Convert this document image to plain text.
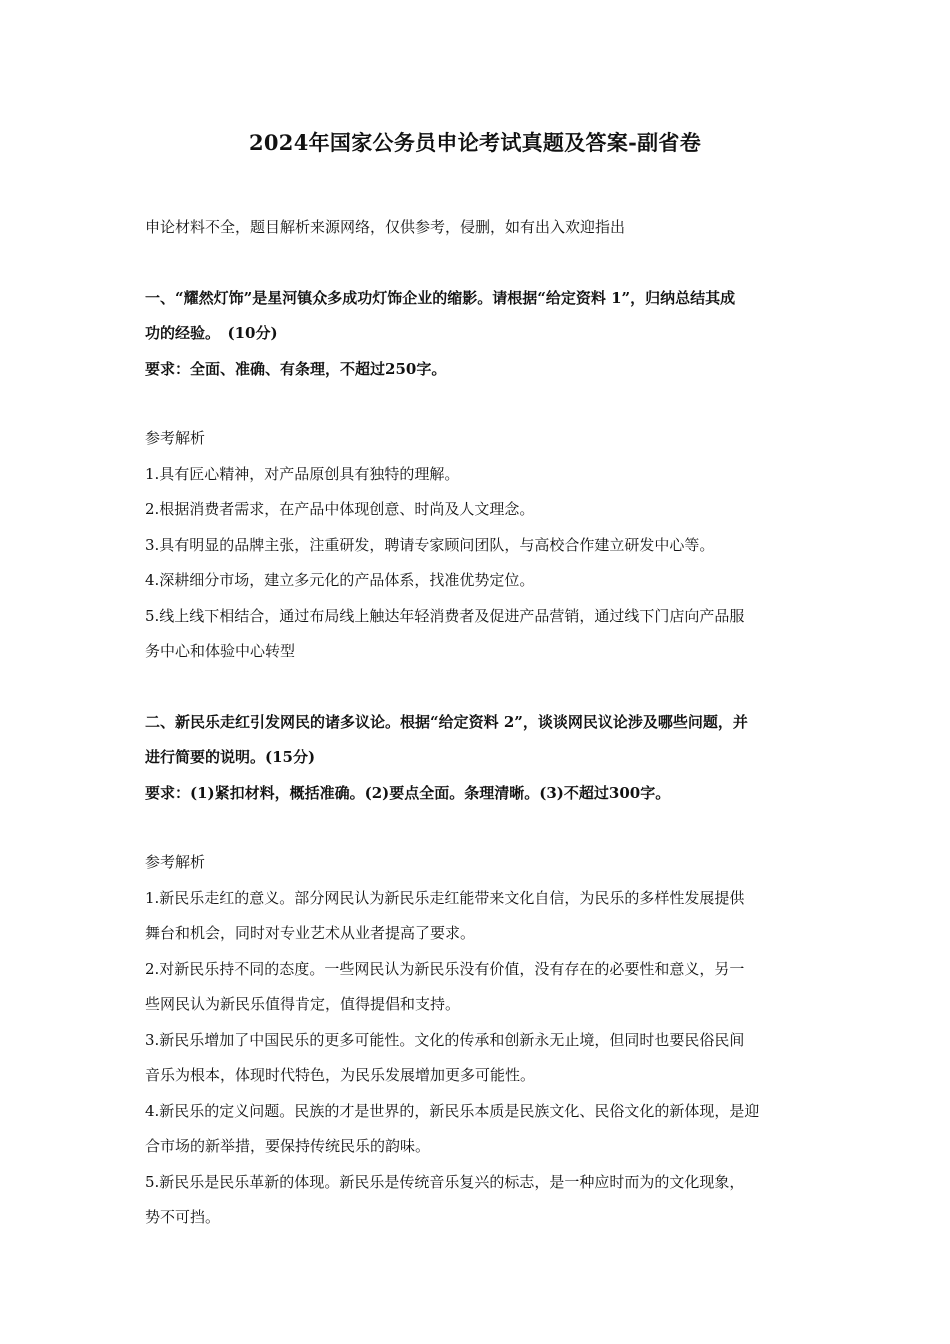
2024年国家公务员申论考试真题及答案-副省卷
申论材料不全，题目解析来源网络，仅供参考，侵删，如有出入欢迎指出
一、“耀然灯饰”是星河镇众多成功灯饰企业的缩影。请根据“给定资料 1”，归纳总结其成
功的经验。　(10分)
要求：全面、准确、有条理，不超过250字。
参考解析
1.具有匠心精神，对产品原创具有独特的理解。
2.根据消费者需求，在产品中体现创意、时尚及人文理念。
3.具有明显的品牌主张，注重研发，聘请专家顾问团队，与高校合作建立研发中心等。
4.深耕细分市场，建立多元化的产品体系，找准优势定位。
5.线上线下相结合，通过布局线上触达年轻消费者及促进产品营销，通过线下门店向产品服
务中心和体验中心转型
二、新民乐走红引发网民的诸多议论。根据“给定资料 2”，谈谈网民议论涉及哪些问题，并
进行简要的说明。(15分)
要求：(1)紧扣材料，概括准确。(2)要点全面。条理清晰。(3)不超过300字。
参考解析
1.新民乐走红的意义。部分网民认为新民乐走红能带来文化自信，为民乐的多样性发展提供
舞台和机会，同时对专业艺术从业者提高了要求。
2.对新民乐持不同的态度。一些网民认为新民乐没有价值，没有存在的必要性和意义，另一
些网民认为新民乐值得肯定，值得提倡和支持。
3.新民乐增加了中国民乐的更多可能性。文化的传承和创新永无止境，但同时也要民俗民间
音乐为根本，体现时代特色，为民乐发展增加更多可能性。
4.新民乐的定义问题。民族的才是世界的，新民乐本质是民族文化、民俗文化的新体现，是迎
合市场的新举措，要保持传统民乐的韵味。
5.新民乐是民乐革新的体现。新民乐是传统音乐复兴的标志，是一种应时而为的文化现象，
势不可挡。
